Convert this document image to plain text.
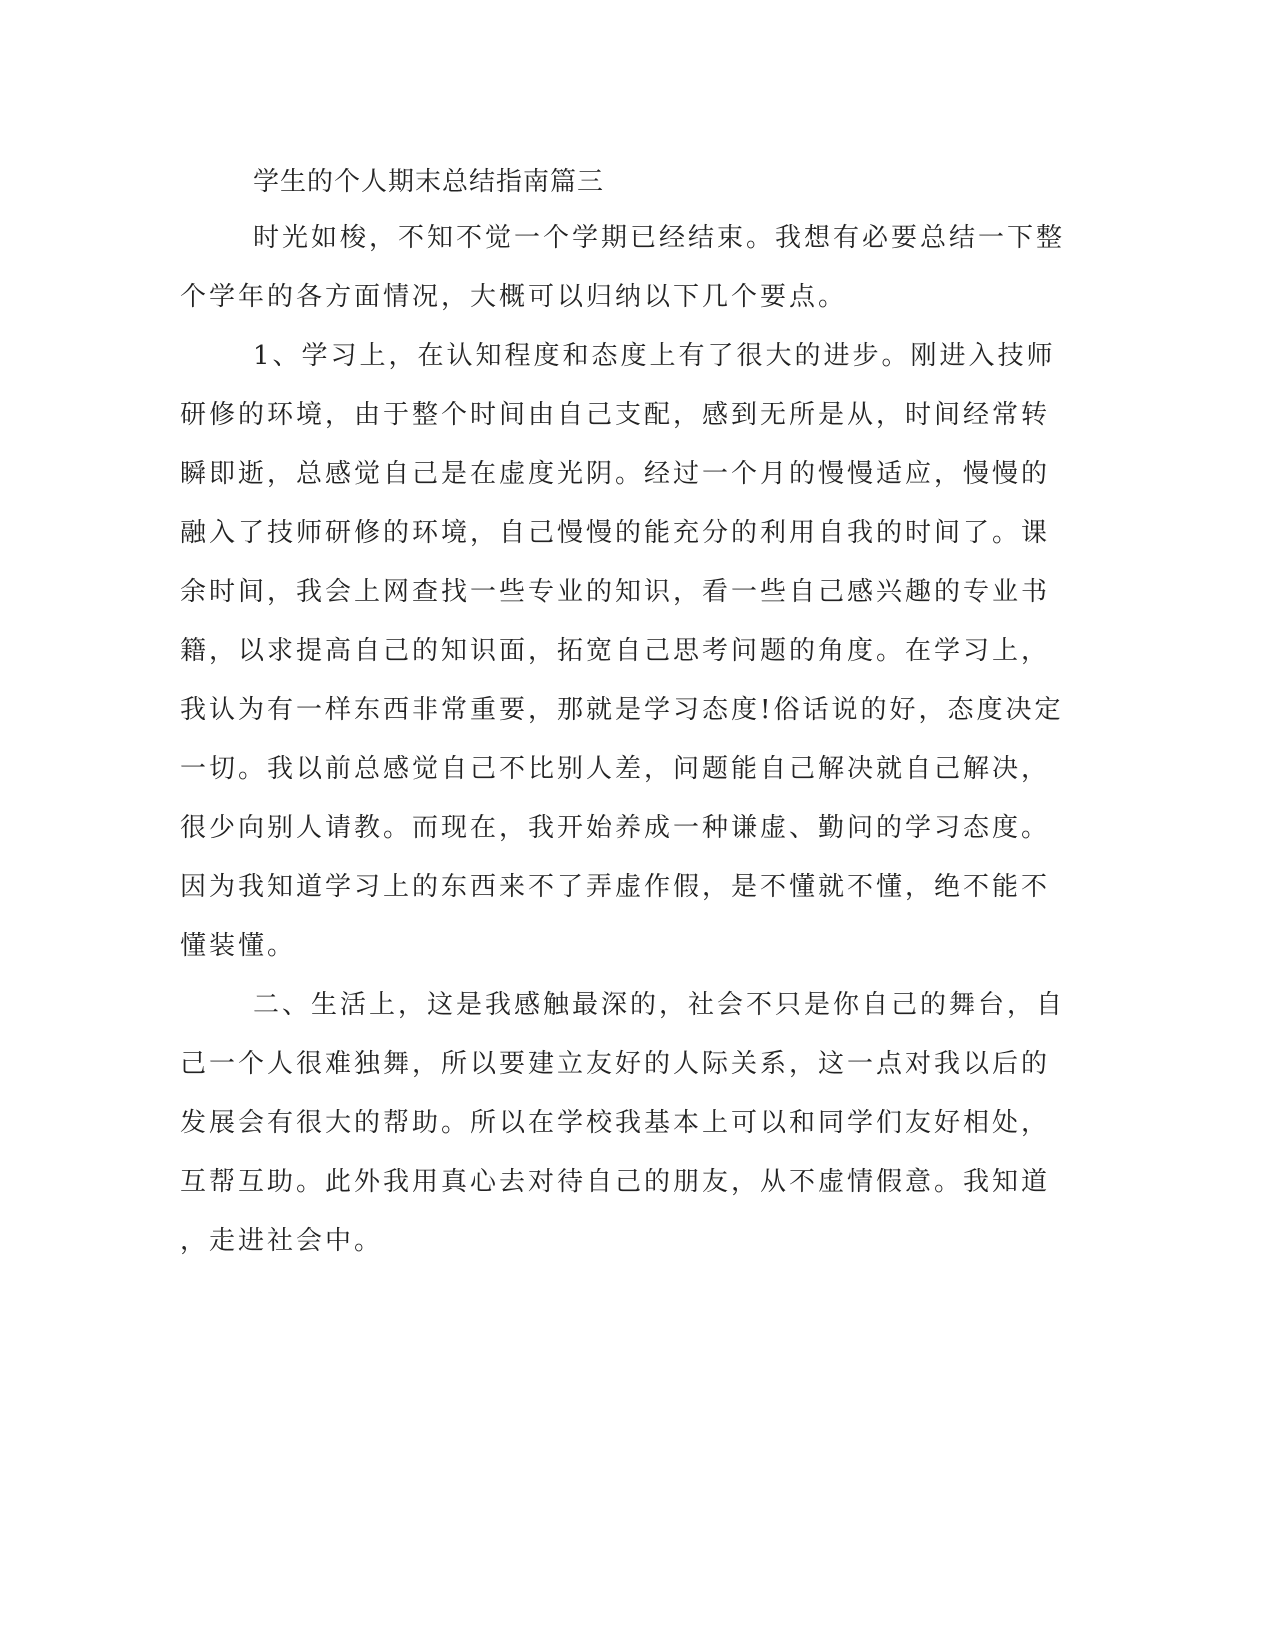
学生的个人期末总结指南篇三
时光如梭，不知不觉一个学期已经结束。我想有必要总结一下整
个学年的各方面情况，大概可以归纳以下几个要点。
1、学习上，在认知程度和态度上有了很大的进步。刚进入技师
研修的环境，由于整个时间由自己支配，感到无所是从，时间经常转
瞬即逝，总感觉自己是在虚度光阴。经过一个月的慢慢适应，慢慢的
融入了技师研修的环境，自己慢慢的能充分的利用自我的时间了。课
余时间，我会上网查找一些专业的知识，看一些自己感兴趣的专业书
籍，以求提高自己的知识面，拓宽自己思考问题的角度。在学习上，
我认为有一样东西非常重要，那就是学习态度!俗话说的好，态度决定
一切。我以前总感觉自己不比别人差，问题能自己解决就自己解决，
很少向别人请教。而现在，我开始养成一种谦虚、勤问的学习态度。
因为我知道学习上的东西来不了弄虚作假，是不懂就不懂，绝不能不
懂装懂。
二、生活上，这是我感触最深的，社会不只是你自己的舞台，自
己一个人很难独舞，所以要建立友好的人际关系，这一点对我以后的
发展会有很大的帮助。所以在学校我基本上可以和同学们友好相处，
互帮互助。此外我用真心去对待自己的朋友，从不虚情假意。我知道
，走进社会中。
